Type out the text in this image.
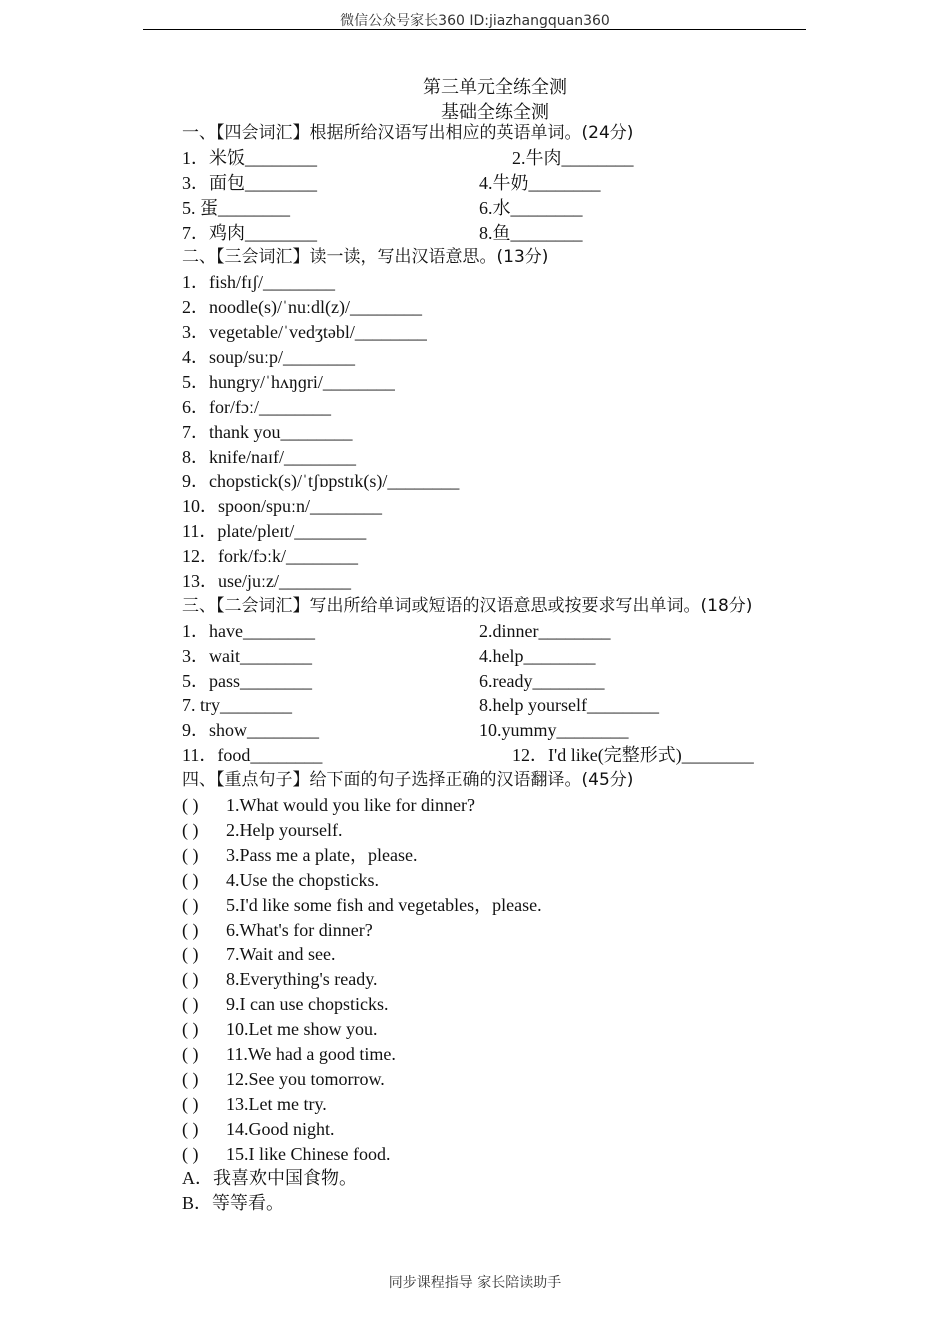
微信公众号家长360 ID:jiazhangquan360
第三单元全练全测
基础全练全测
一、【四会词汇】根据所给汉语写出相应的英语单词。(24分)
1．米饭________	2.牛肉________
3．面包________	4.牛奶________
5. 蛋________	6.水________
7．鸡肉________	8.鱼________
二、【三会词汇】读一读，写出汉语意思。(13分)
1．fish/fɪʃ/________
2．noodle(s)/ˈnuːdl(z)/________
3．vegetable/ˈvedʒtəbl/________
4．soup/suːp/________
5．hungry/ˈhʌŋɡri/________
6．for/fɔː/________
7．thank you________
8．knife/naɪf/________
9．chopstick(s)/ˈtʃɒpstɪk(s)/________
10．spoon/spuːn/________
11．plate/pleɪt/________
12．fork/fɔːk/________
13．use/juːz/________
三、【二会词汇】写出所给单词或短语的汉语意思或按要求写出单词。(18分)
1．have________	2.dinner________
3．wait________	4.help________
5．pass________	6.ready________
7. try________	8.help yourself________
9．show________	10.yummy________
11．food________	12．I'd like(完整形式)________
四、【重点句子】给下面的句子选择正确的汉语翻译。(45分)
( ) 1.What would you like for dinner?
( ) 2.Help yourself.
( ) 3.Pass me a plate，please.
( ) 4.Use the chopsticks.
( ) 5.I'd like some fish and vegetables，please.
( ) 6.What's for dinner?
( ) 7.Wait and see.
( ) 8.Everything's ready.
( ) 9.I can use chopsticks.
( ) 10.Let me show you.
( ) 11.We had a good time.
( ) 12.See you tomorrow.
( ) 13.Let me try.
( ) 14.Good night.
( ) 15.I like Chinese food.
A．我喜欢中国食物。
B．等等看。
同步课程指导 家长陪读助手
